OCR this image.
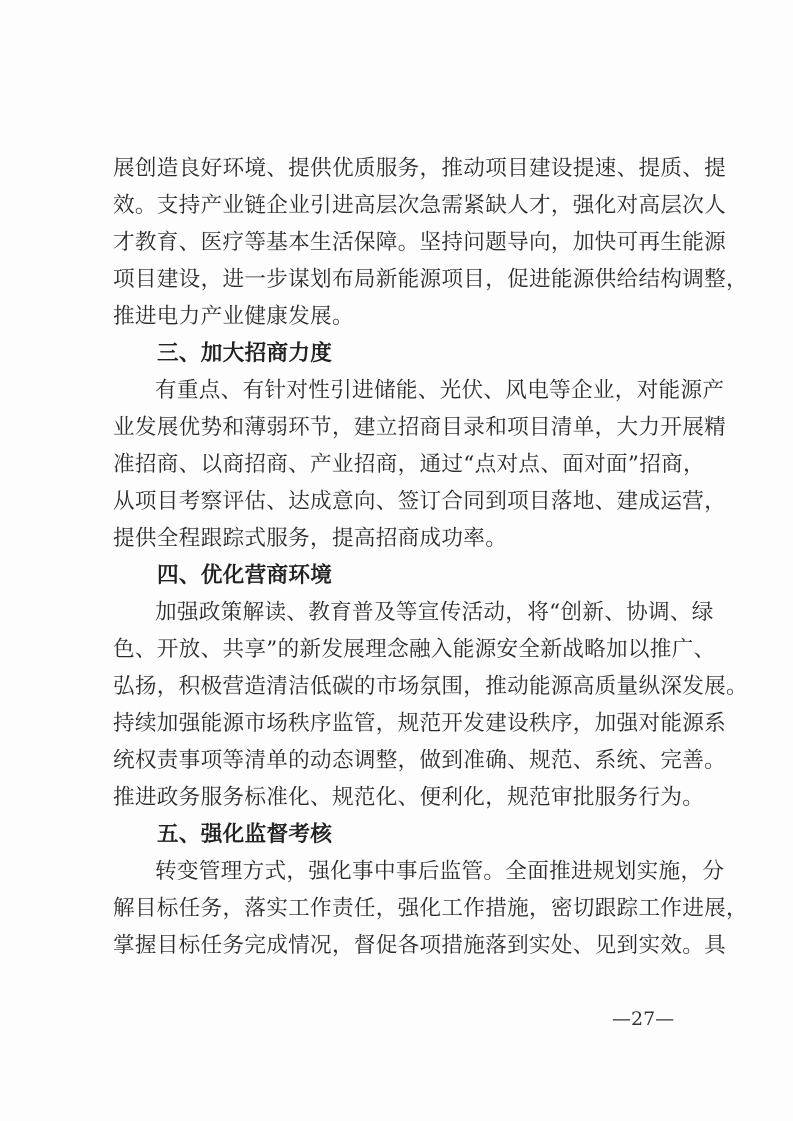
展创造良好环境、提供优质服务，推动项目建设提速、提质、提
效。支持产业链企业引进高层次急需紧缺人才，强化对高层次人
才教育、医疗等基本生活保障。坚持问题导向，加快可再生能源
项目建设，进一步谋划布局新能源项目，促进能源供给结构调整，
推进电力产业健康发展。
三、加大招商力度
有重点、有针对性引进储能、光伏、风电等企业，对能源产
业发展优势和薄弱环节，建立招商目录和项目清单，大力开展精
准招商、以商招商、产业招商，通过“点对点、面对面”招商，
从项目考察评估、达成意向、签订合同到项目落地、建成运营，
提供全程跟踪式服务，提高招商成功率。
四、优化营商环境
加强政策解读、教育普及等宣传活动，将“创新、协调、绿
色、开放、共享”的新发展理念融入能源安全新战略加以推广、
弘扬，积极营造清洁低碳的市场氛围，推动能源高质量纵深发展。
持续加强能源市场秩序监管，规范开发建设秩序，加强对能源系
统权责事项等清单的动态调整，做到准确、规范、系统、完善。
推进政务服务标准化、规范化、便利化，规范审批服务行为。
五、强化监督考核
转变管理方式，强化事中事后监管。全面推进规划实施，分
解目标任务，落实工作责任，强化工作措施，密切跟踪工作进展，
掌握目标任务完成情况，督促各项措施落到实处、见到实效。具
—27—
